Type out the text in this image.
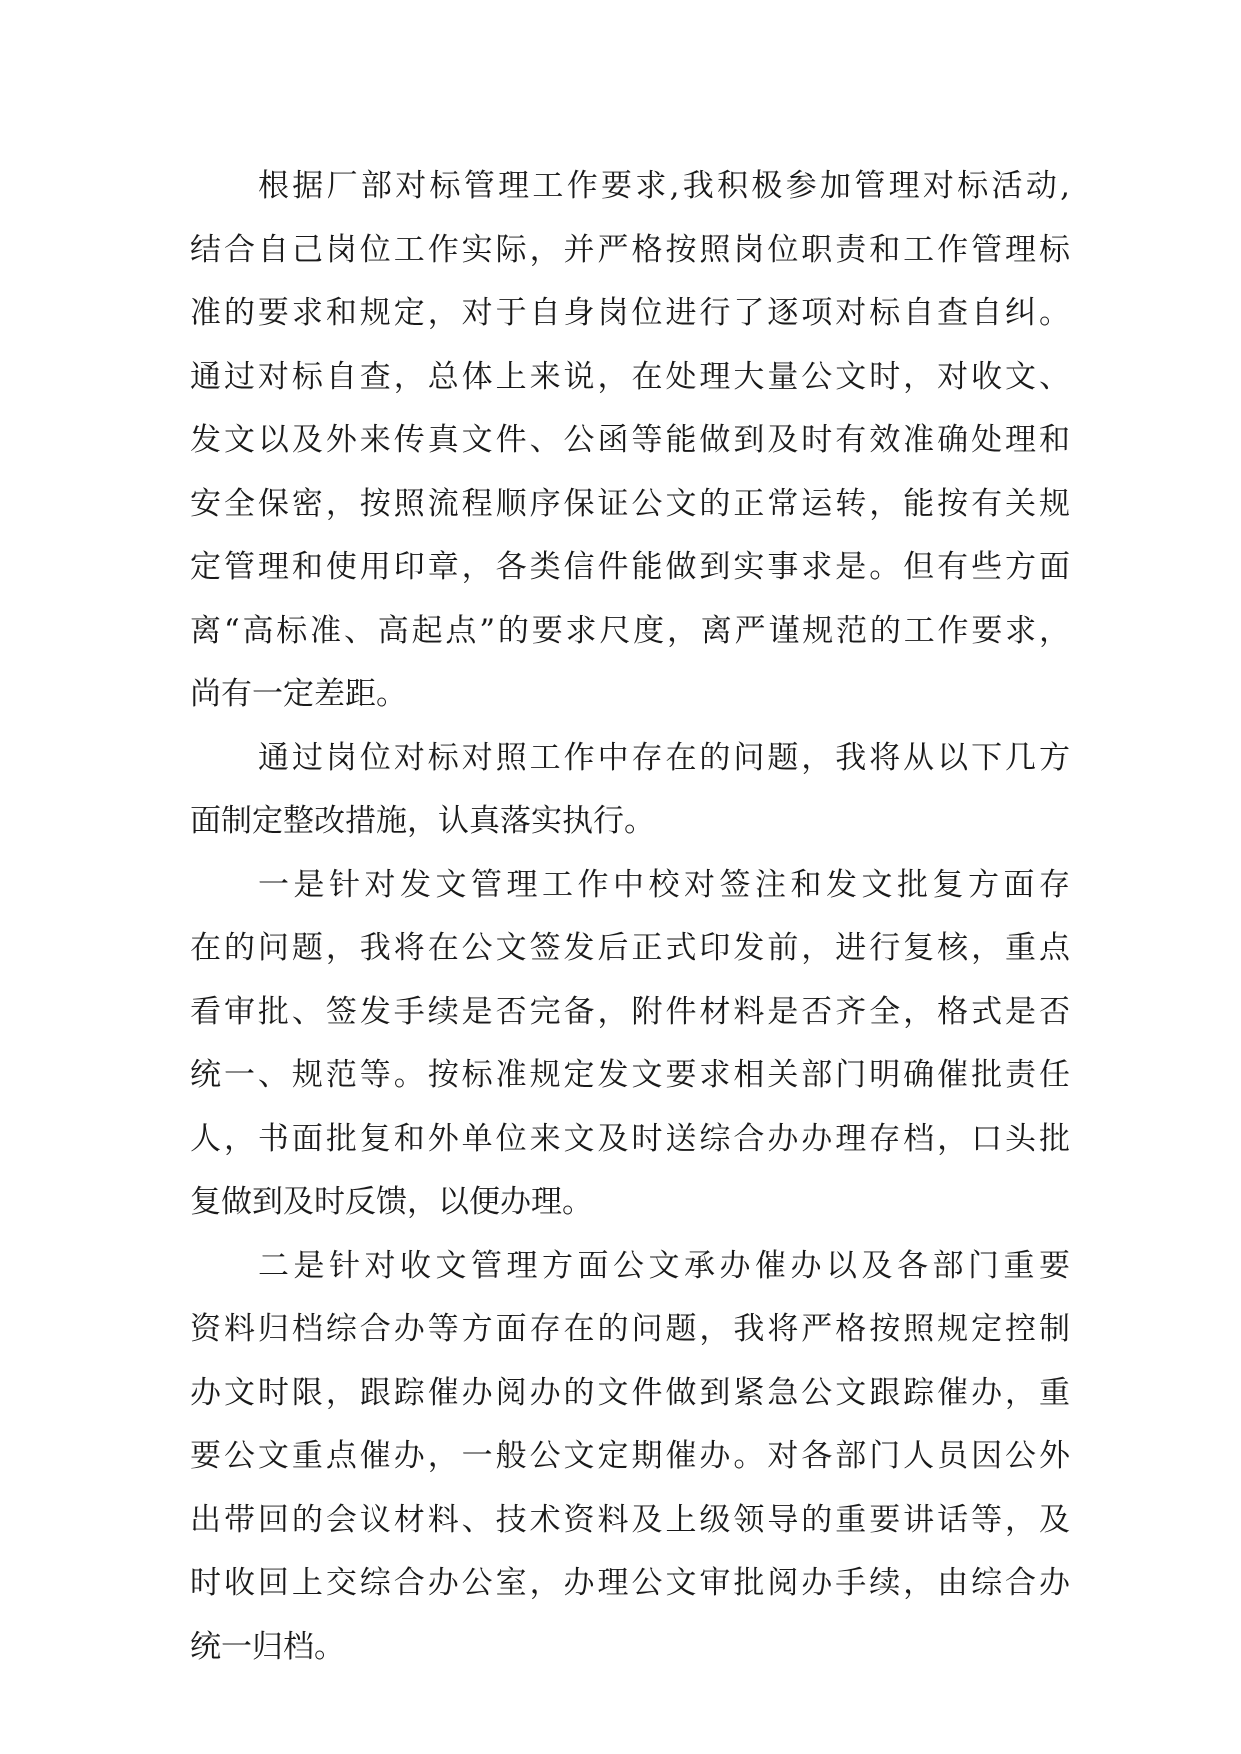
根据厂部对标管理工作要求,我积极参加管理对标活动,
结合自己岗位工作实际，并严格按照岗位职责和工作管理标
准的要求和规定，对于自身岗位进行了逐项对标自查自纠。
通过对标自查，总体上来说，在处理大量公文时，对收文、
发文以及外来传真文件、公函等能做到及时有效准确处理和
安全保密，按照流程顺序保证公文的正常运转，能按有关规
定管理和使用印章，各类信件能做到实事求是。但有些方面
离“高标准、高起点”的要求尺度，离严谨规范的工作要求，
尚有一定差距。
通过岗位对标对照工作中存在的问题，我将从以下几方
面制定整改措施，认真落实执行。
一是针对发文管理工作中校对签注和发文批复方面存
在的问题，我将在公文签发后正式印发前，进行复核，重点
看审批、签发手续是否完备，附件材料是否齐全，格式是否
统一、规范等。按标准规定发文要求相关部门明确催批责任
人，书面批复和外单位来文及时送综合办办理存档，口头批
复做到及时反馈，以便办理。
二是针对收文管理方面公文承办催办以及各部门重要
资料归档综合办等方面存在的问题，我将严格按照规定控制
办文时限，跟踪催办阅办的文件做到紧急公文跟踪催办，重
要公文重点催办，一般公文定期催办。对各部门人员因公外
出带回的会议材料、技术资料及上级领导的重要讲话等，及
时收回上交综合办公室，办理公文审批阅办手续，由综合办
统一归档。
